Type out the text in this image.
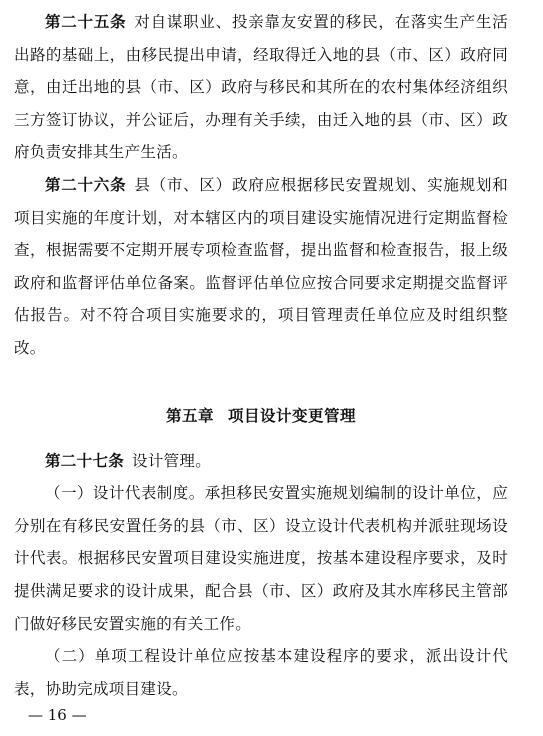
第二十五条 对自谋职业、投亲靠友安置的移民，在落实生产生活出路的基础上，由移民提出申请，经取得迁入地的县（市、区）政府同意，由迁出地的县（市、区）政府与移民和其所在的农村集体经济组织三方签订协议，并公证后，办理有关手续，由迁入地的县（市、区）政府负责安排其生产生活。

第二十六条 县（市、区）政府应根据移民安置规划、实施规划和项目实施的年度计划，对本辖区内的项目建设实施情况进行定期监督检查，根据需要不定期开展专项检查监督，提出监督和检查报告，报上级政府和监督评估单位备案。监督评估单位应按合同要求定期提交监督评估报告。对不符合项目实施要求的，项目管理责任单位应及时组织整改。

第五章 项目设计变更管理

第二十七条 设计管理。

（一）设计代表制度。承担移民安置实施规划编制的设计单位，应分别在有移民安置任务的县（市、区）设立设计代表机构并派驻现场设计代表。根据移民安置项目建设实施进度，按基本建设程序要求，及时提供满足要求的设计成果，配合县（市、区）政府及其水库移民主管部门做好移民安置实施的有关工作。

（二）单项工程设计单位应按基本建设程序的要求，派出设计代表，协助完成项目建设。

— 16 —
